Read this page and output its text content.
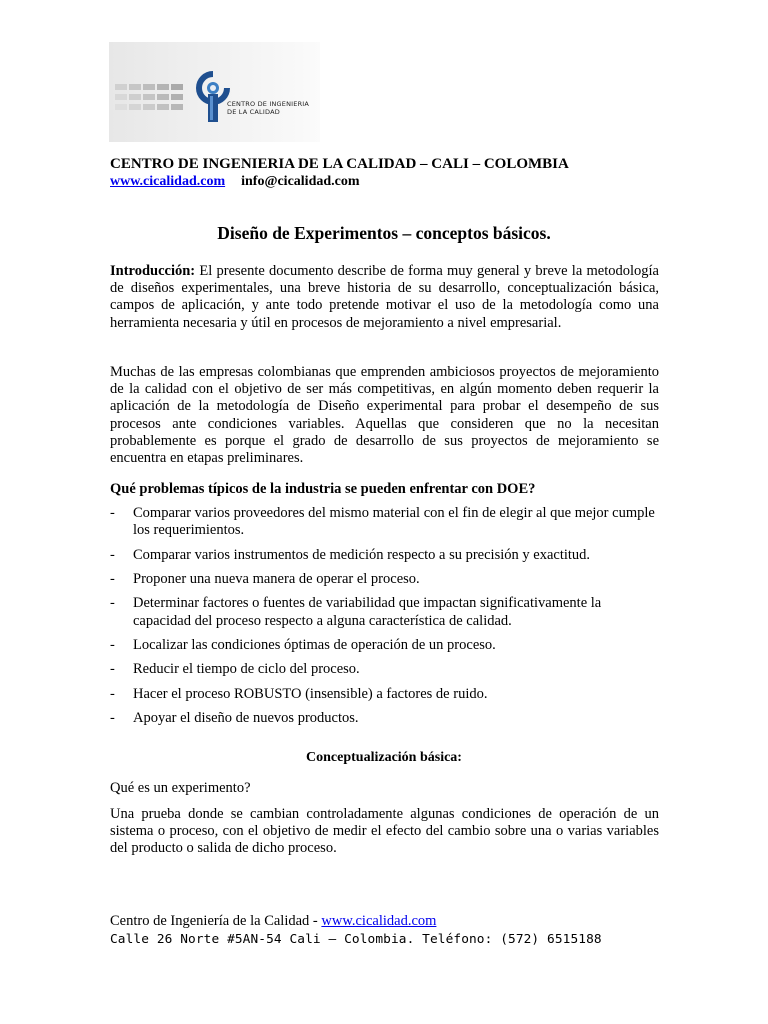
CENTRO DE INGENIERIA
DE LA CALIDAD
CENTRO DE INGENIERIA DE LA CALIDAD – CALI – COLOMBIA
www.cicalidad.com info@cicalidad.com
Diseño de Experimentos – conceptos básicos.
Introducción: El presente documento describe de forma muy general y breve la metodología de diseños experimentales, una breve historia de su desarrollo, conceptualización básica, campos de aplicación, y ante todo pretende motivar el uso de la metodología como una herramienta necesaria y útil en procesos de mejoramiento a nivel empresarial.
Muchas de las empresas colombianas que emprenden ambiciosos proyectos de mejoramiento de la calidad con el objetivo de ser más competitivas, en algún momento deben requerir la aplicación de la metodología de Diseño experimental para probar el desempeño de sus procesos ante condiciones variables. Aquellas que consideren que no la necesitan probablemente es porque el grado de desarrollo de sus proyectos de mejoramiento se encuentra en etapas preliminares.
Qué problemas típicos de la industria se pueden enfrentar con DOE?
- Comparar varios proveedores del mismo material con el fin de elegir al que mejor cumple los requerimientos.
- Comparar varios instrumentos de medición respecto a su precisión y exactitud.
- Proponer una nueva manera de operar el proceso.
- Determinar factores o fuentes de variabilidad que impactan significativamente la capacidad del proceso respecto a alguna característica de calidad.
- Localizar las condiciones óptimas de operación de un proceso.
- Reducir el tiempo de ciclo del proceso.
- Hacer el proceso ROBUSTO (insensible) a factores de ruido.
- Apoyar el diseño de nuevos productos.
Conceptualización básica:
Qué es un experimento?
Una prueba donde se cambian controladamente algunas condiciones de operación de un sistema o proceso, con el objetivo de medir el efecto del cambio sobre una o varias variables del producto o salida de dicho proceso.
Centro de Ingeniería de la Calidad - www.cicalidad.com
Calle 26 Norte #5AN-54 Cali – Colombia. Teléfono: (572) 6515188
